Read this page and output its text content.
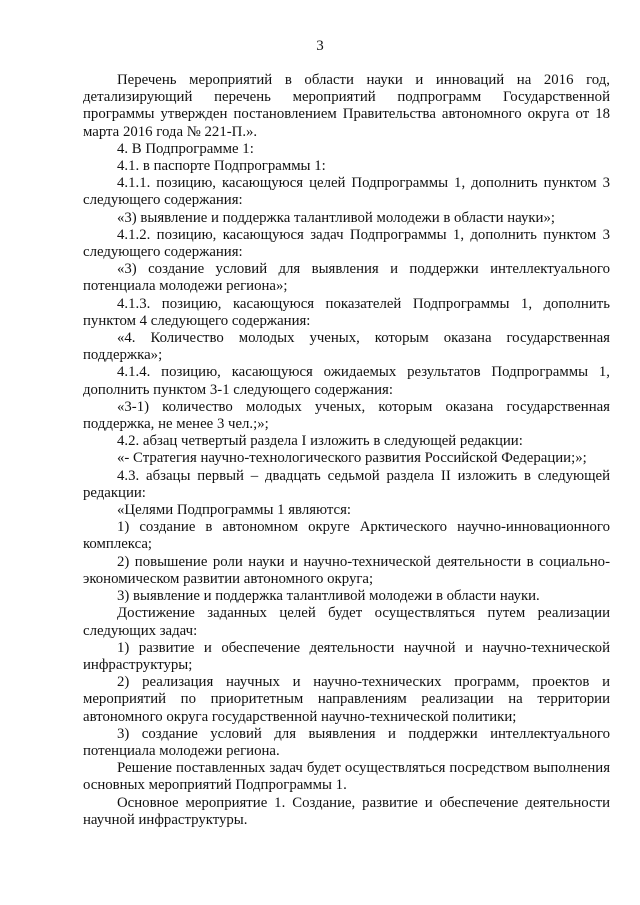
3

Перечень мероприятий в области науки и инноваций на 2016 год, детализирующий перечень мероприятий подпрограмм Государственной программы утвержден постановлением Правительства автономного округа от 18 марта 2016 года № 221-П.».

4. В Подпрограмме 1:

4.1. в паспорте Подпрограммы 1:

4.1.1. позицию, касающуюся целей Подпрограммы 1, дополнить пунктом 3 следующего содержания:

«3) выявление и поддержка талантливой молодежи в области науки»;

4.1.2. позицию, касающуюся задач Подпрограммы 1, дополнить пунктом 3 следующего содержания:

«3) создание условий для выявления и поддержки интеллектуального потенциала молодежи региона»;

4.1.3. позицию, касающуюся показателей Подпрограммы 1, дополнить пунктом 4 следующего содержания:

«4. Количество молодых ученых, которым оказана государственная поддержка»;

4.1.4. позицию, касающуюся ожидаемых результатов Подпрограммы 1, дополнить пунктом 3-1 следующего содержания:

«3-1) количество молодых ученых, которым оказана государственная поддержка, не менее 3 чел.;»;

4.2. абзац четвертый раздела I изложить в следующей редакции:

«- Стратегия научно-технологического развития Российской Федерации;»;

4.3. абзацы первый – двадцать седьмой раздела II изложить в следующей редакции:

«Целями Подпрограммы 1 являются:

1) создание в автономном округе Арктического научно-инновационного комплекса;

2) повышение роли науки и научно-технической деятельности в социально-экономическом развитии автономного округа;

3) выявление и поддержка талантливой молодежи в области науки.

Достижение заданных целей будет осуществляться путем реализации следующих задач:

1) развитие и обеспечение деятельности научной и научно-технической инфраструктуры;

2) реализация научных и научно-технических программ, проектов и мероприятий по приоритетным направлениям реализации на территории автономного округа государственной научно-технической политики;

3) создание условий для выявления и поддержки интеллектуального потенциала молодежи региона.

Решение поставленных задач будет осуществляться посредством выполнения основных мероприятий Подпрограммы 1.

Основное мероприятие 1. Создание, развитие и обеспечение деятельности научной инфраструктуры.
